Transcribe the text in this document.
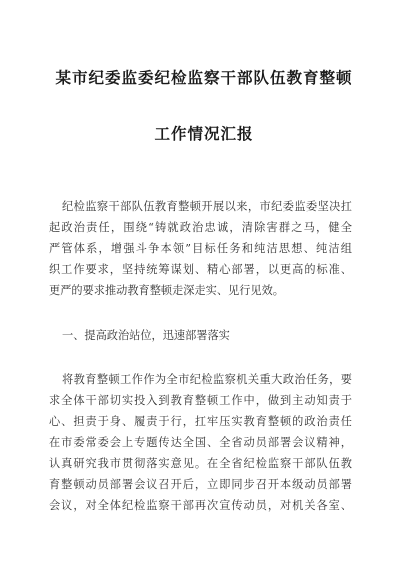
某市纪委监委纪检监察干部队伍教育整顿
工作情况汇报
纪检监察干部队伍教育整顿开展以来，市纪委监委坚决扛
起政治责任，围绕“铸就政治忠诚，清除害群之马，健全
严管体系，增强斗争本领”目标任务和纯洁思想、纯洁组
织工作要求，坚持统筹谋划、精心部署，以更高的标准、
更严的要求推动教育整顿走深走实、见行见效。
一、提高政治站位，迅速部署落实
将教育整顿工作作为全市纪检监察机关重大政治任务，要
求全体干部切实投入到教育整顿工作中，做到主动知责于
心、担责于身、履责于行，扛牢压实教育整顿的政治责任
在市委常委会上专题传达全国、全省动员部署会议精神，
认真研究我市贯彻落实意见。在全省纪检监察干部队伍教
育整顿动员部署会议召开后，立即同步召开本级动员部署
会议，对全体纪检监察干部再次宣传动员，对机关各室、
